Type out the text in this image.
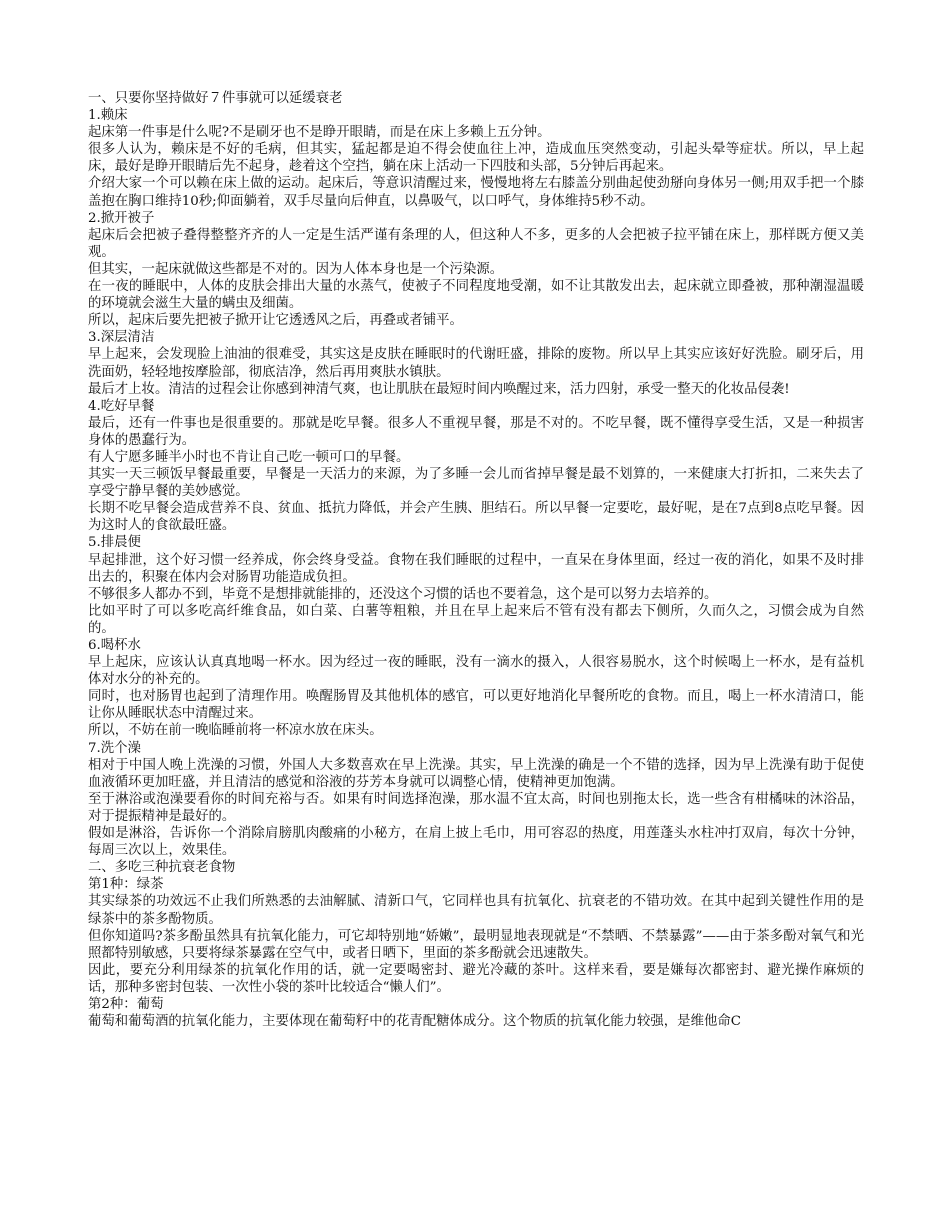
一、只要你坚持做好７件事就可以延缓衰老

1.赖床

起床第一件事是什么呢?不是刷牙也不是睁开眼睛，而是在床上多赖上五分钟。

很多人认为，赖床是不好的毛病，但其实，猛起都是迫不得会使血往上冲，造成血压突然变动，引起头晕等症状。所以，早上起床，最好是睁开眼睛后先不起身，趁着这个空挡，躺在床上活动一下四肢和头部，5分钟后再起来。

介绍大家一个可以赖在床上做的运动。起床后，等意识清醒过来，慢慢地将左右膝盖分别曲起使劲掰向身体另一侧;用双手把一个膝盖抱在胸口维持10秒;仰面躺着，双手尽量向后伸直，以鼻吸气，以口呼气，身体维持5秒不动。

2.掀开被子

起床后会把被子叠得整整齐齐的人一定是生活严谨有条理的人，但这种人不多，更多的人会把被子拉平铺在床上，那样既方便又美观。

但其实，一起床就做这些都是不对的。因为人体本身也是一个污染源。

在一夜的睡眠中，人体的皮肤会排出大量的水蒸气，使被子不同程度地受潮，如不让其散发出去，起床就立即叠被，那种潮湿温暖的环境就会滋生大量的螨虫及细菌。

所以，起床后要先把被子掀开让它透透风之后，再叠或者铺平。

3.深层清洁

早上起来，会发现脸上油油的很难受，其实这是皮肤在睡眠时的代谢旺盛，排除的废物。所以早上其实应该好好洗脸。刷牙后，用洗面奶，轻轻地按摩脸部，彻底洁净，然后再用爽肤水镇肤。

最后才上妆。清洁的过程会让你感到神清气爽，也让肌肤在最短时间内唤醒过来，活力四射，承受一整天的化妆品侵袭!

4.吃好早餐

最后，还有一件事也是很重要的。那就是吃早餐。很多人不重视早餐，那是不对的。不吃早餐，既不懂得享受生活，又是一种损害身体的愚蠢行为。

有人宁愿多睡半小时也不肯让自己吃一顿可口的早餐。

其实一天三顿饭早餐最重要，早餐是一天活力的来源，为了多睡一会儿而省掉早餐是最不划算的，一来健康大打折扣，二来失去了享受宁静早餐的美妙感觉。

长期不吃早餐会造成营养不良、贫血、抵抗力降低，并会产生胰、胆结石。所以早餐一定要吃，最好呢，是在7点到8点吃早餐。因为这时人的食欲最旺盛。

5.排晨便

早起排泄，这个好习惯一经养成，你会终身受益。食物在我们睡眠的过程中，一直呆在身体里面，经过一夜的消化，如果不及时排出去的，积聚在体内会对肠胃功能造成负担。

不够很多人都办不到，毕竟不是想排就能排的，还没这个习惯的话也不要着急，这个是可以努力去培养的。

比如平时了可以多吃高纤维食品，如白菜、白薯等粗粮，并且在早上起来后不管有没有都去下侧所，久而久之，习惯会成为自然的。

6.喝杯水

早上起床，应该认认真真地喝一杯水。因为经过一夜的睡眠，没有一滴水的摄入，人很容易脱水，这个时候喝上一杯水，是有益机体对水分的补充的。

同时，也对肠胃也起到了清理作用。唤醒肠胃及其他机体的感官，可以更好地消化早餐所吃的食物。而且，喝上一杯水清清口，能让你从睡眠状态中清醒过来。

所以，不妨在前一晚临睡前将一杯凉水放在床头。

7.洗个澡

相对于中国人晚上洗澡的习惯，外国人大多数喜欢在早上洗澡。其实，早上洗澡的确是一个不错的选择，因为早上洗澡有助于促使血液循环更加旺盛，并且清洁的感觉和浴液的芬芳本身就可以调整心情，使精神更加饱满。

至于淋浴或泡澡要看你的时间充裕与否。如果有时间选择泡澡，那水温不宜太高，时间也别拖太长，选一些含有柑橘味的沐浴品，对于提振精神是最好的。

假如是淋浴，告诉你一个消除肩膀肌肉酸痛的小秘方，在肩上披上毛巾，用可容忍的热度，用莲蓬头水柱冲打双肩，每次十分钟，每周三次以上，效果佳。

二、多吃三种抗衰老食物

第1种：绿茶

其实绿茶的功效远不止我们所熟悉的去油解腻、清新口气，它同样也具有抗氧化、抗衰老的不错功效。在其中起到关键性作用的是绿茶中的茶多酚物质。

但你知道吗?茶多酚虽然具有抗氧化能力，可它却特别地“娇嫩”，最明显地表现就是“不禁晒、不禁暴露”——由于茶多酚对氧气和光照都特别敏感，只要将绿茶暴露在空气中，或者日晒下，里面的茶多酚就会迅速散失。

因此，要充分利用绿茶的抗氧化作用的话，就一定要喝密封、避光冷藏的茶叶。这样来看，要是嫌每次都密封、避光操作麻烦的话，那种多密封包装、一次性小袋的茶叶比较适合“懒人们”。

第2种：葡萄

葡萄和葡萄酒的抗氧化能力，主要体现在葡萄籽中的花青配糖体成分。这个物质的抗氧化能力较强，是维他命C
